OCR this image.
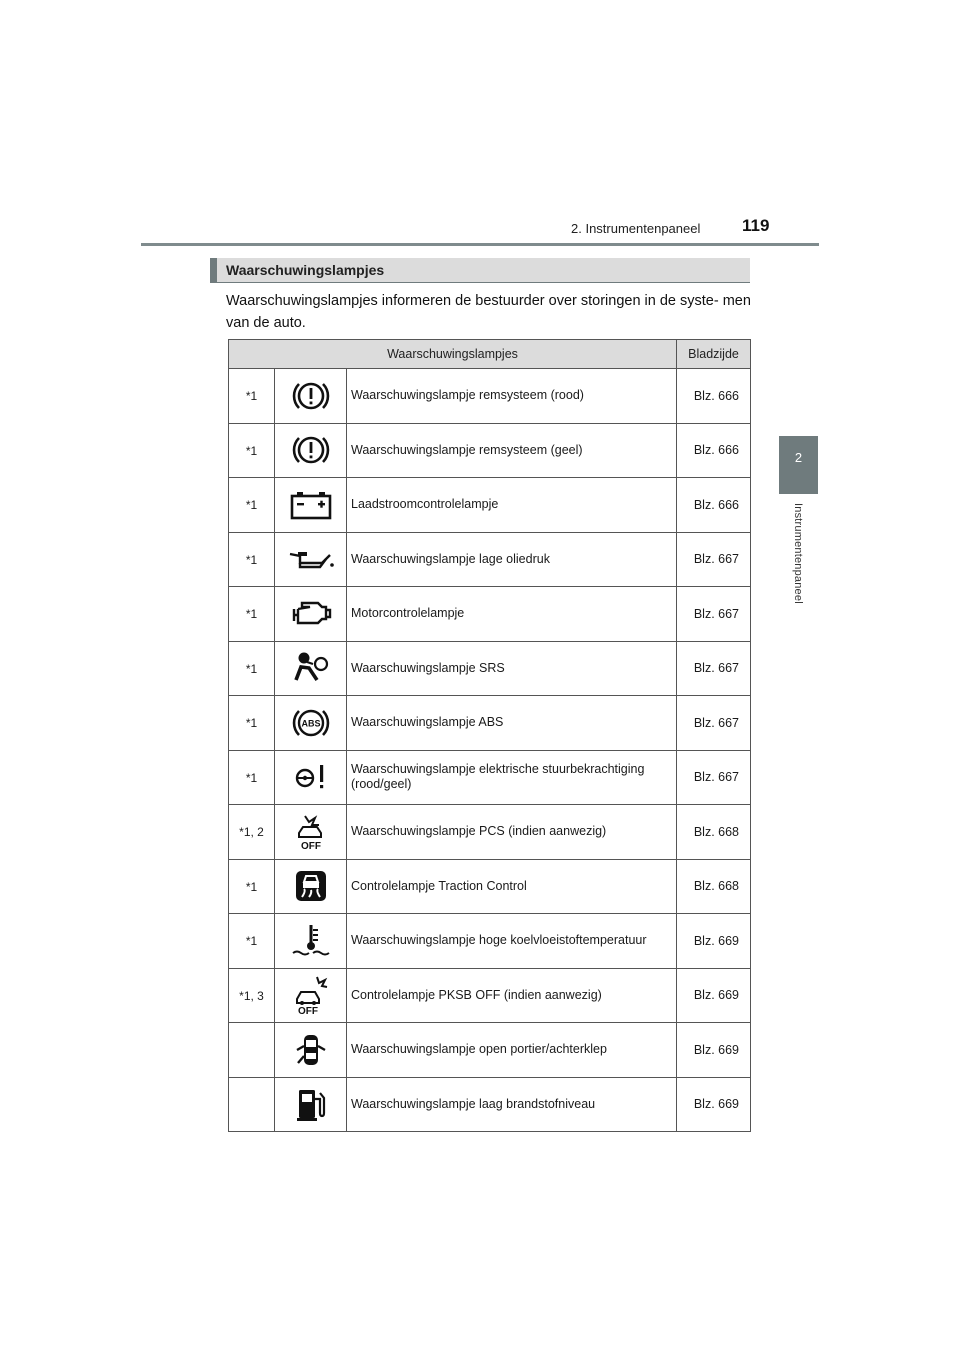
2. Instrumentenpaneel 119
2
Instrumentenpaneel
Waarschuwingslampjes
Waarschuwingslampjes informeren de bestuurder over storingen in de syste- men van de auto.
Waarschuwingslampjes			Bladzijde

*1		Waarschuwingslampje remsysteem (rood)	Blz. 666

*1		Waarschuwingslampje remsysteem (geel)	Blz. 666

*1		Laadstroomcontrolelampje	Blz. 666

*1		Waarschuwingslampje lage oliedruk	Blz. 667

*1		Motorcontrolelampje	Blz. 667

*1		Waarschuwingslampje SRS	Blz. 667

*1	ABS	Waarschuwingslampje ABS	Blz. 667

*1		Waarschuwingslampje elektrische stuurbekrachtiging (rood/geel)	Blz. 667

*1, 2	OFF	Waarschuwingslampje PCS (indien aanwezig)	Blz. 668

*1		Controlelampje Traction Control	Blz. 668

*1		Waarschuwingslampje hoge koelvloeistoftemperatuur	Blz. 669

*1, 3	OFF	Controlelampje PKSB OFF (indien aanwezig)	Blz. 669

		Waarschuwingslampje open portier/achterklep	Blz. 669

		Waarschuwingslampje laag brandstofniveau	Blz. 669
